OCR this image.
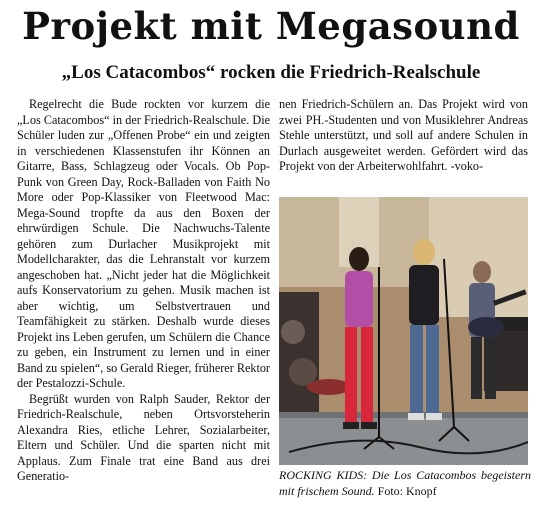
Projekt mit Megasound
„Los Catacombos“ rocken die Friedrich-Realschule

Regelrecht die Bude rockten vor kurzem die „Los Catacombos“ in der Friedrich-Realschule. Die Schüler luden zur „Offenen Probe“ ein und zeigten in verschiedenen Klassenstufen ihr Können an Gitarre, Bass, Schlagzeug oder Vocals. Ob Pop-Punk von Green Day, Rock-Balladen von Faith No More oder Pop-Klassiker von Fleetwood Mac: Mega-Sound tropfte da aus den Boxen der ehrwürdigen Schule. Die Nachwuchs-Talente gehören zum Durlacher Musikprojekt mit Modellcharakter, das die Lehranstalt vor kurzem angeschoben hat. „Nicht jeder hat die Möglichkeit aufs Konservatorium zu gehen. Musik machen ist aber wichtig, um Selbstvertrauen und Teamfähigkeit zu stärken. Deshalb wurde dieses Projekt ins Leben gerufen, um Schülern die Chance zu geben, ein Instrument zu lernen und in einer Band zu spielen“, so Gerald Rieger, früherer Rektor der Pestalozzi-Schule.

Begrüßt wurden von Ralph Sauder, Rektor der Friedrich-Realschule, neben Ortsvorsteherin Alexandra Ries, etliche Lehrer, Sozialarbeiter, Eltern und Schüler. Und die sparten nicht mit Applaus. Zum Finale trat eine Band aus drei Generatio-

nen Friedrich-Schülern an. Das Projekt wird von zwei PH.-Studenten und von Musiklehrer Andreas Stehle unterstützt, und soll auf andere Schulen in Durlach ausgeweitet werden. Gefördert wird das Projekt von der Arbeiterwohlfahrt. -voko-

ROCKING KIDS: Die Los Catacombos begeistern mit frischem Sound. Foto: Knopf
